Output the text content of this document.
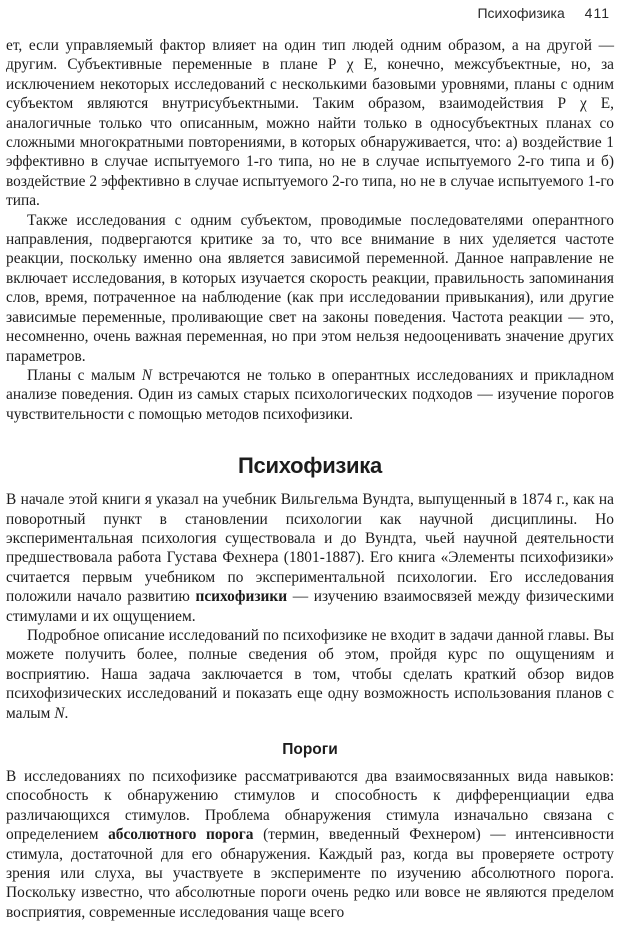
Психофизика 411

ет, если управляемый фактор влияет на один тип людей одним образом, а на другой — другим. Субъективные переменные в плане Р χ Е, конечно, межсубъектные, но, за исключением некоторых исследований с несколькими базовыми уровнями, планы с одним субъектом являются внутрисубъектными. Таким образом, взаимодействия Р χ Е, аналогичные только что описанным, можно найти только в односубъектных планах со сложными многократными повторениями, в которых обнаруживается, что: а) воздействие 1 эффективно в случае испытуемого 1-го типа, но не в случае испытуемого 2-го типа и б) воздействие 2 эффективно в случае испытуемого 2-го типа, но не в случае испытуемого 1-го типа.

Также исследования с одним субъектом, проводимые последователями оперантного направления, подвергаются критике за то, что все внимание в них уделяется частоте реакции, поскольку именно она является зависимой переменной. Данное направление не включает исследования, в которых изучается скорость реакции, правильность запоминания слов, время, потраченное на наблюдение (как при исследовании привыкания), или другие зависимые переменные, проливающие свет на законы поведения. Частота реакции — это, несомненно, очень важная переменная, но при этом нельзя недооценивать значение других параметров.

Планы с малым N встречаются не только в оперантных исследованиях и прикладном анализе поведения. Один из самых старых психологических подходов — изучение порогов чувствительности с помощью методов психофизики.

Психофизика

В начале этой книги я указал на учебник Вильгельма Вундта, выпущенный в 1874 г., как на поворотный пункт в становлении психологии как научной дисциплины. Но экспериментальная психология существовала и до Вундта, чьей научной деятельности предшествовала работа Густава Фехнера (1801-1887). Его книга «Элементы психофизики» считается первым учебником по экспериментальной психологии. Его исследования положили начало развитию психофизики — изучению взаимосвязей между физическими стимулами и их ощущением.

Подробное описание исследований по психофизике не входит в задачи данной главы. Вы можете получить более, полные сведения об этом, пройдя курс по ощущениям и восприятию. Наша задача заключается в том, чтобы сделать краткий обзор видов психофизических исследований и показать еще одну возможность использования планов с малым N.

Пороги

В исследованиях по психофизике рассматриваются два взаимосвязанных вида навыков: способность к обнаружению стимулов и способность к дифференциации едва различающихся стимулов. Проблема обнаружения стимула изначально связана с определением абсолютного порога (термин, введенный Фехнером) — интенсивности стимула, достаточной для его обнаружения. Каждый раз, когда вы проверяете остроту зрения или слуха, вы участвуете в эксперименте по изучению абсолютного порога. Поскольку известно, что абсолютные пороги очень редко или вовсе не являются пределом восприятия, современные исследования чаще всего
